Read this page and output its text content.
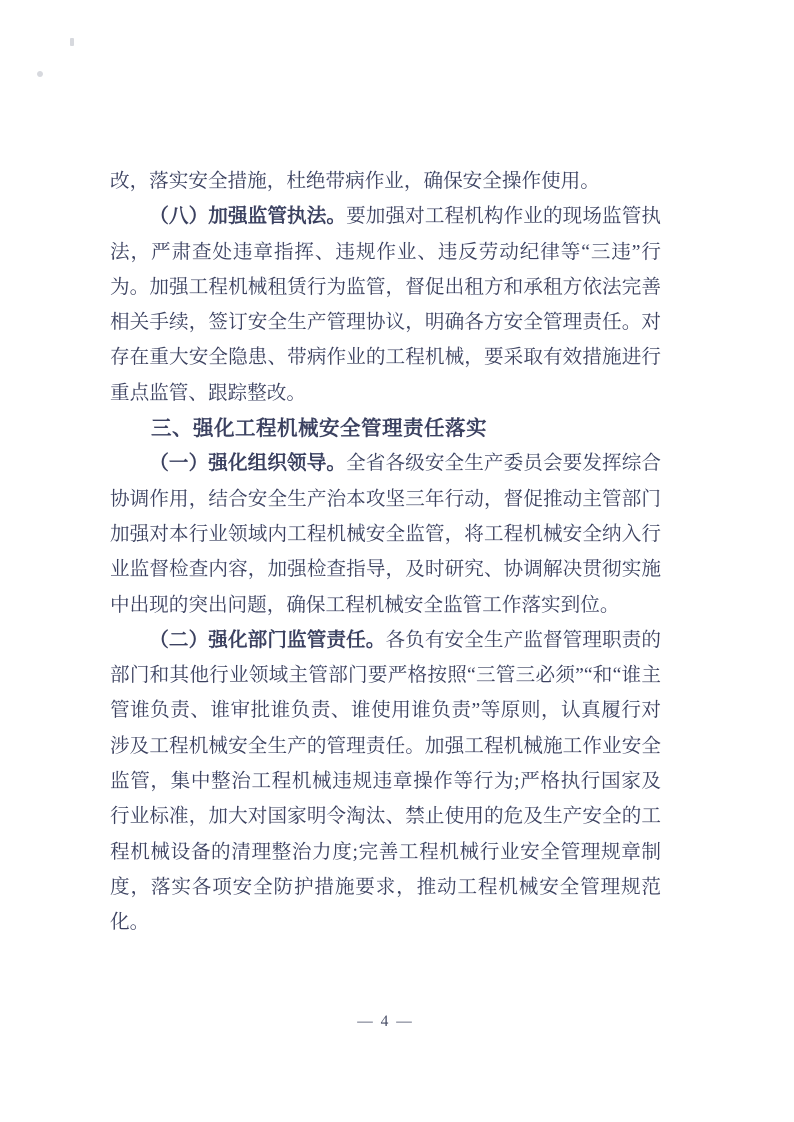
改，落实安全措施，杜绝带病作业，确保安全操作使用。

（八）加强监管执法。要加强对工程机构作业的现场监管执法，严肃查处违章指挥、违规作业、违反劳动纪律等“三违”行为。加强工程机械租赁行为监管，督促出租方和承租方依法完善相关手续，签订安全生产管理协议，明确各方安全管理责任。对存在重大安全隐患、带病作业的工程机械，要采取有效措施进行重点监管、跟踪整改。

三、强化工程机械安全管理责任落实

（一）强化组织领导。全省各级安全生产委员会要发挥综合协调作用，结合安全生产治本攻坚三年行动，督促推动主管部门加强对本行业领域内工程机械安全监管，将工程机械安全纳入行业监督检查内容，加强检查指导，及时研究、协调解决贯彻实施中出现的突出问题，确保工程机械安全监管工作落实到位。

（二）强化部门监管责任。各负有安全生产监督管理职责的部门和其他行业领域主管部门要严格按照“三管三必须”“和“谁主管谁负责、谁审批谁负责、谁使用谁负责”等原则，认真履行对涉及工程机械安全生产的管理责任。加强工程机械施工作业安全监管，集中整治工程机械违规违章操作等行为;严格执行国家及行业标准，加大对国家明令淘汰、禁止使用的危及生产安全的工程机械设备的清理整治力度;完善工程机械行业安全管理规章制度，落实各项安全防护措施要求，推动工程机械安全管理规范化。

— 4 —
